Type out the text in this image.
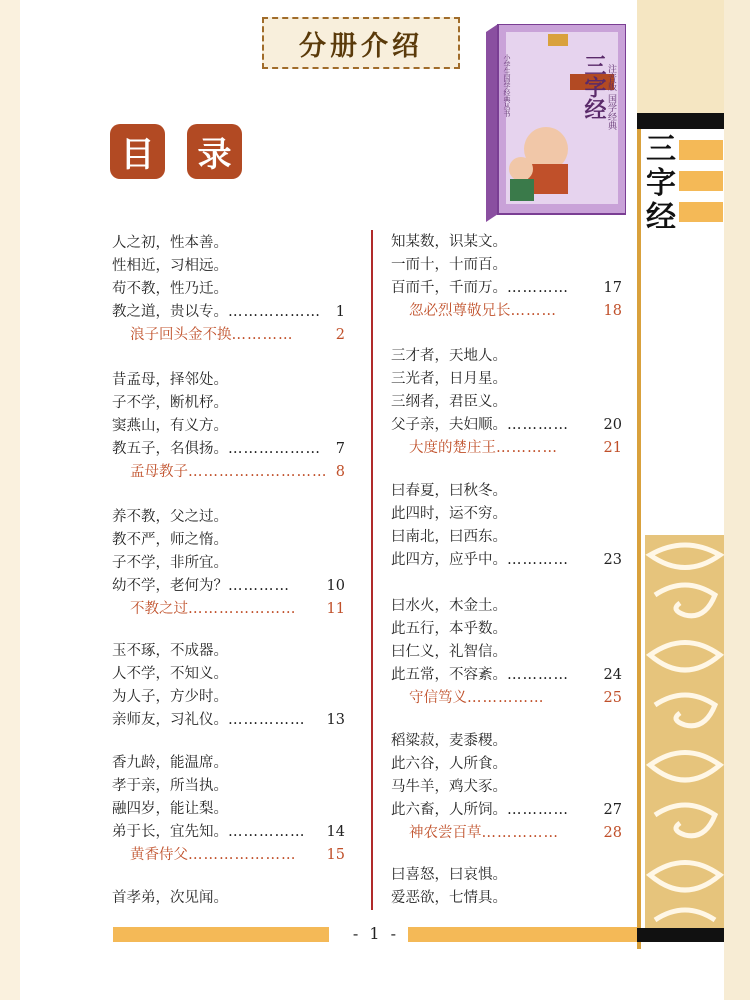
三字经
分册介绍
目	录
三字经 注音版 国学经典
小学生国学经典丛书
人之初，性本善。
性相近，习相远。
苟不教，性乃迁。
教之道，贵以专。……………… 1
浪子回头金不换…………	2
昔孟母，择邻处。
子不学，断机杼。
窦燕山，有义方。
教五子，名俱扬。……………… 7
孟母教子……………………… 8
养不教，父之过。
教不严，师之惰。
子不学，非所宜。
幼不学，老何为？…………	10
不教之过………………… 11
玉不琢，不成器。
人不学，不知义。
为人子，方少时。
亲师友，习礼仪。…………… 13
香九龄，能温席。
孝于亲，所当执。
融四岁，能让梨。
弟于长，宜先知。…………… 14
黄香侍父………………… 15
首孝弟，次见闻。
知某数，识某文。
一而十，十而百。
百而千，千而万。………… 17
忽必烈尊敬兄长………	18
三才者，天地人。
三光者，日月星。
三纲者，君臣义。
父子亲，夫妇顺。………… 20
大度的楚庄王…………	21
曰春夏，曰秋冬。
此四时，运不穷。
曰南北，曰西东。
此四方，应乎中。………… 23
曰水火，木金土。
此五行，本乎数。
曰仁义，礼智信。
此五常，不容紊。………… 24
守信笃义……………	25
稻粱菽，麦黍稷。
此六谷，人所食。
马牛羊，鸡犬豕。
此六畜，人所饲。………… 27
神农尝百草……………	28
曰喜怒，曰哀惧。
爱恶欲，七情具。
- 1 -
